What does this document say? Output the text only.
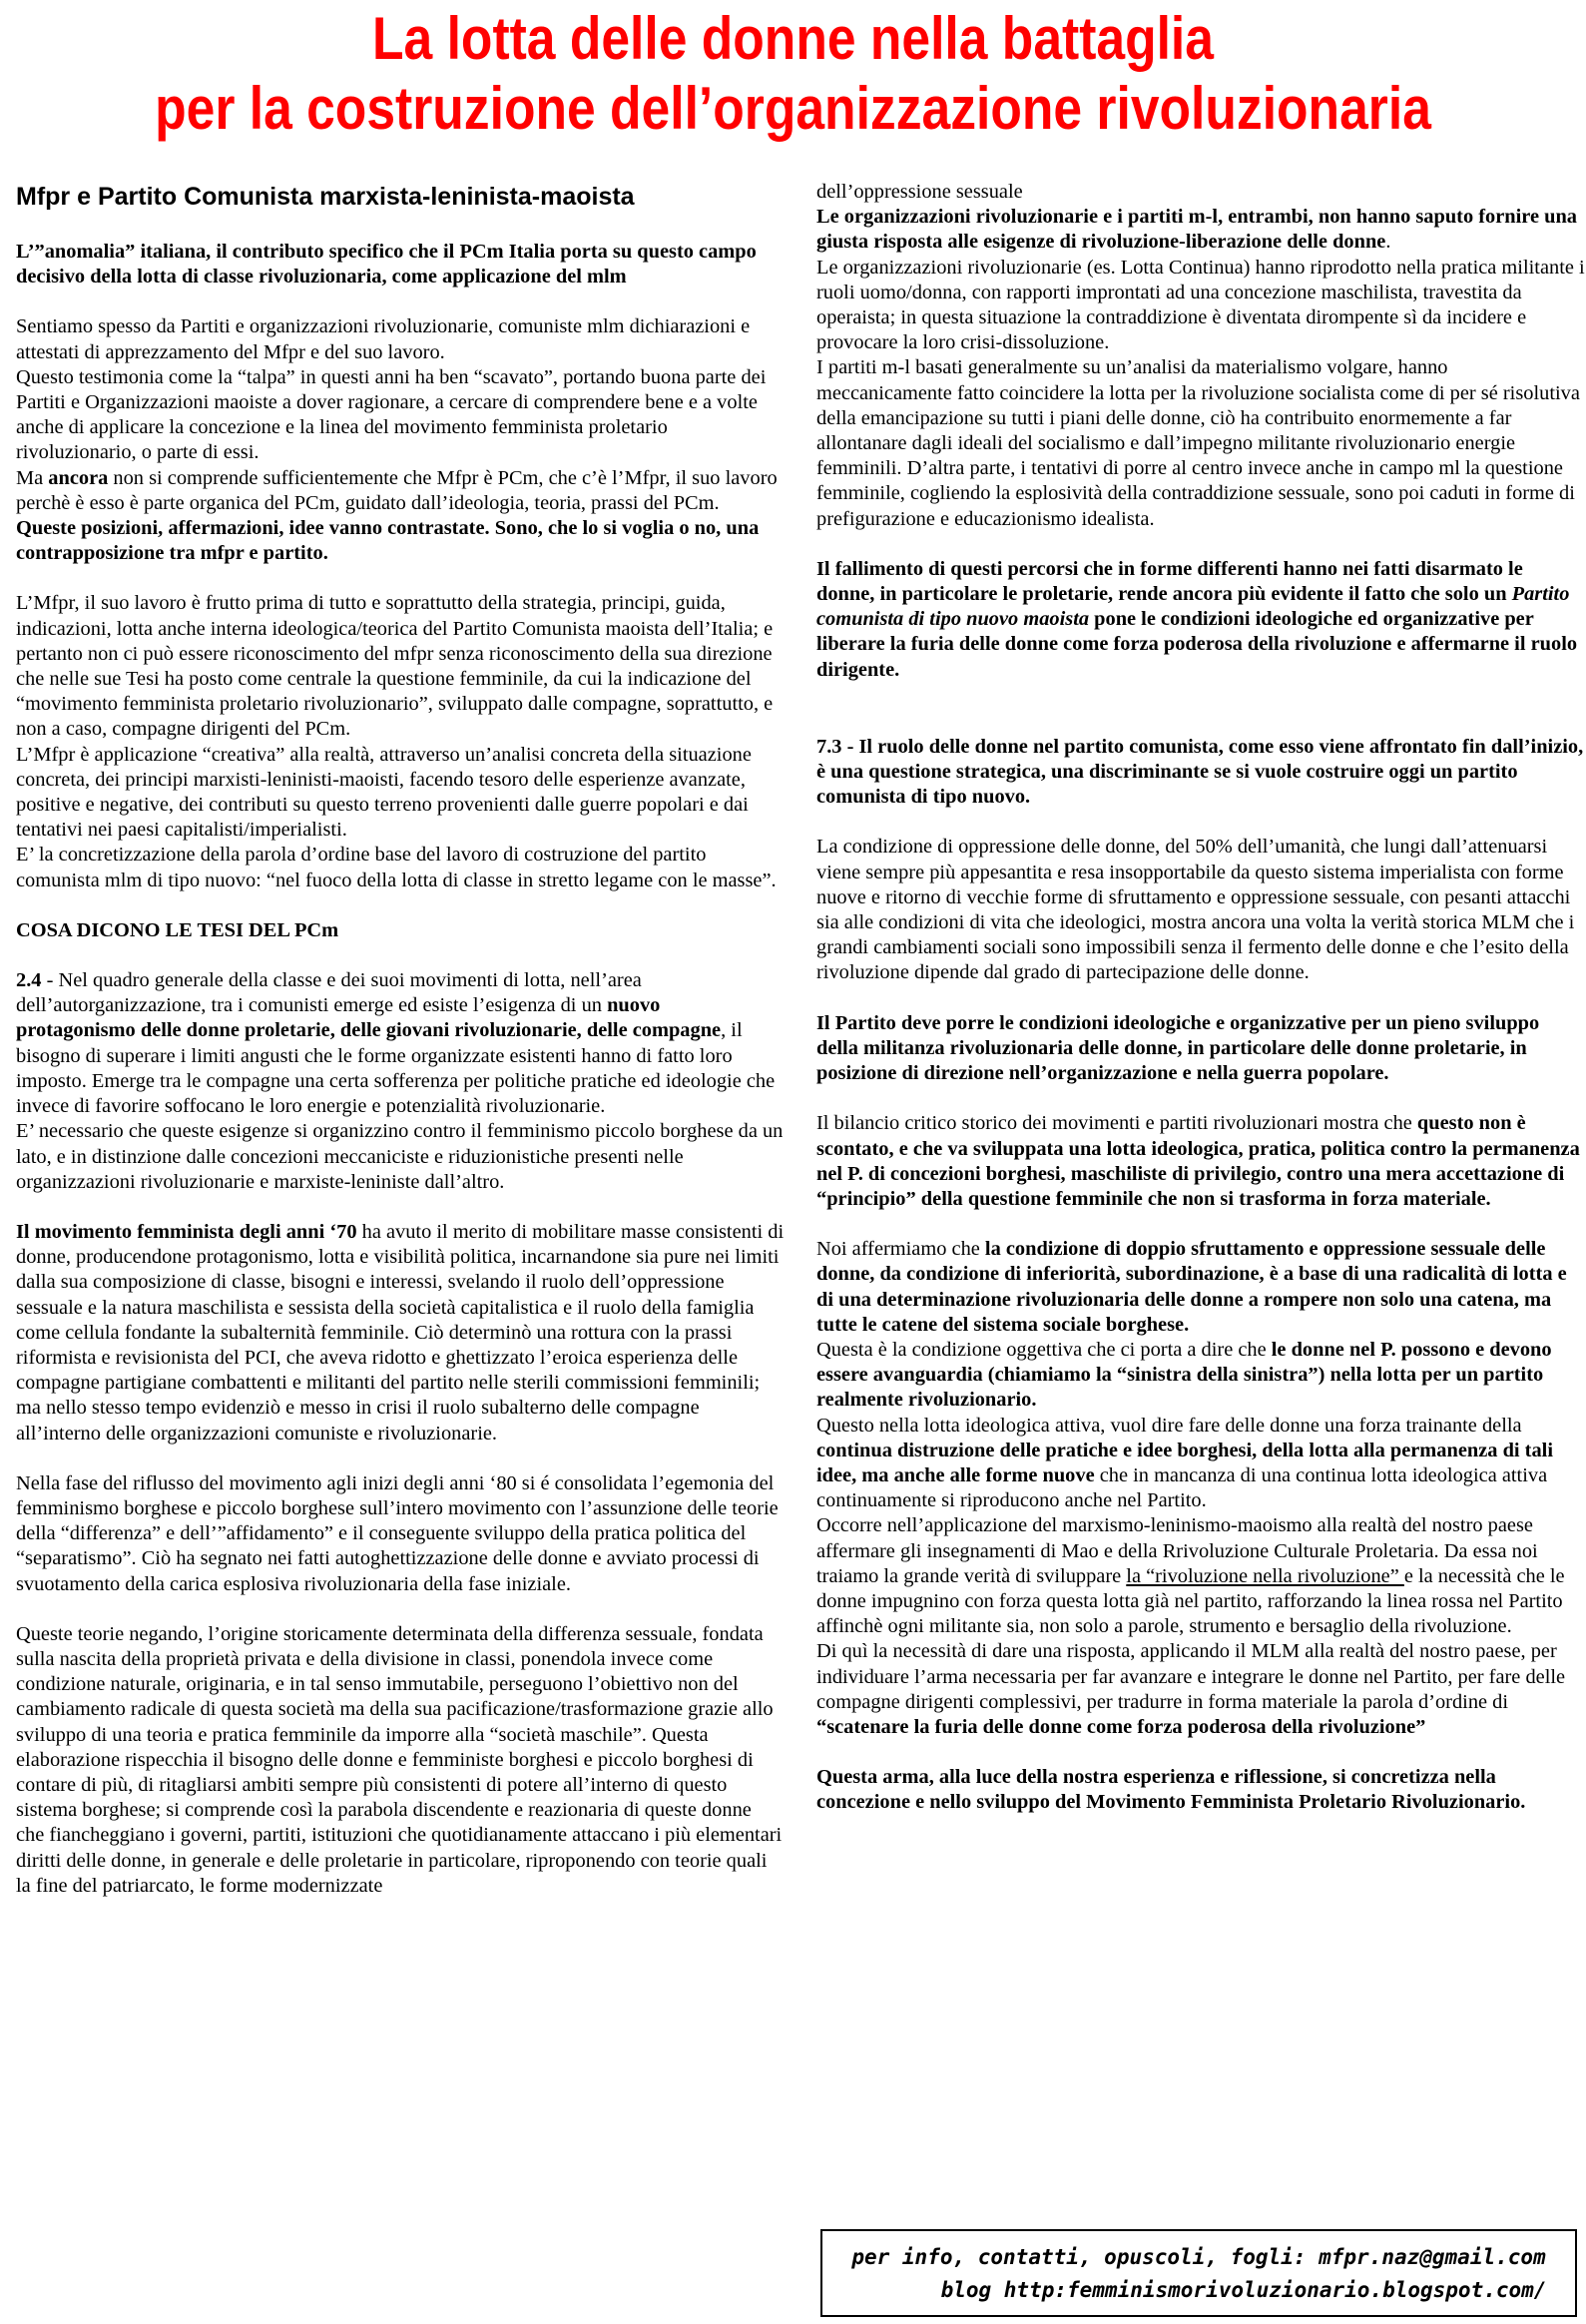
La lotta delle donne nella battaglia
per la costruzione dell’organizzazione rivoluzionaria
Mfpr e Partito Comunista marxista-leninista-maoista

L’”anomalia” italiana, il contributo specifico che il PCm Italia porta su questo campo decisivo della lotta di classe rivoluzionaria, come applicazione del mlm

Sentiamo spesso da Partiti e organizzazioni rivoluzionarie, comuniste mlm dichiarazioni e attestati di apprezzamento del Mfpr e del suo lavoro.

Questo testimonia come la “talpa” in questi anni ha ben “scavato”, portando buona parte dei Partiti e Organizzazioni maoiste a dover ragionare, a cercare di comprendere bene e a volte anche di applicare la concezione e la linea del movimento femminista proletario rivoluzionario, o parte di essi.

Ma ancora non si comprende sufficientemente che Mfpr è PCm, che c’è l’Mfpr, il suo lavoro perchè è esso è parte organica del PCm, guidato dall’ideologia, teoria, prassi del PCm.

Queste posizioni, affermazioni, idee vanno contrastate. Sono, che lo si voglia o no, una contrapposizione tra mfpr e partito.

L’Mfpr, il suo lavoro è frutto prima di tutto e soprattutto della strategia, principi, guida, indicazioni, lotta anche interna ideologica/teorica del Partito Comunista maoista dell’Italia; e pertanto non ci può essere riconoscimento del mfpr senza riconoscimento della sua direzione che nelle sue Tesi ha posto come centrale la questione femminile, da cui la indicazione del “movimento femminista proletario rivoluzionario”, sviluppato dalle compagne, soprattutto, e non a caso, compagne dirigenti del PCm.

L’Mfpr è applicazione “creativa” alla realtà, attraverso un’analisi concreta della situazione concreta, dei principi marxisti-leninisti-maoisti, facendo tesoro delle esperienze avanzate, positive e negative, dei contributi su questo terreno provenienti dalle guerre popolari e dai tentativi nei paesi capitalisti/imperialisti.

E’ la concretizzazione della parola d’ordine base del lavoro di costruzione del partito comunista mlm di tipo nuovo: “nel fuoco della lotta di classe in stretto legame con le masse”.

COSA DICONO LE TESI DEL PCm

2.4 - Nel quadro generale della classe e dei suoi movimenti di lotta, nell’area dell’autorganizzazione, tra i comunisti emerge ed esiste l’esigenza di un nuovo protagonismo delle donne proletarie, delle giovani rivoluzionarie, delle compagne, il bisogno di superare i limiti angusti che le forme organizzate esistenti hanno di fatto loro imposto. Emerge tra le compagne una certa sofferenza per politiche pratiche ed ideologie che invece di favorire soffocano le loro energie e potenzialità rivoluzionarie.

E’ necessario che queste esigenze si organizzino contro il femminismo piccolo borghese da un lato, e in distinzione dalle concezioni meccaniciste e riduzionistiche presenti nelle organizzazioni rivoluzionarie e marxiste-leniniste dall’altro.

Il movimento femminista degli anni ‘70 ha avuto il merito di mobilitare masse consistenti di donne, producendone protagonismo, lotta e visibilità politica, incarnandone sia pure nei limiti dalla sua composizione di classe, bisogni e interessi, svelando il ruolo dell’oppressione sessuale e la natura maschilista e sessista della società capitalistica e il ruolo della famiglia come cellula fondante la subalternità femminile. Ciò determinò una rottura con la prassi riformista e revisionista del PCI, che aveva ridotto e ghettizzato l’eroica esperienza delle compagne partigiane combattenti e militanti del partito nelle sterili commissioni femminili; ma nello stesso tempo evidenziò e messo in crisi il ruolo subalterno delle compagne all’interno delle organizzazioni comuniste e rivoluzionarie.

Nella fase del riflusso del movimento agli inizi degli anni ‘80 si é consolidata l’egemonia del femminismo borghese e piccolo borghese sull’intero movimento con l’assunzione delle teorie della “differenza” e dell’”affidamento” e il conseguente sviluppo della pratica politica del “separatismo”. Ciò ha segnato nei fatti autoghettizzazione delle donne e avviato processi di svuotamento della carica esplosiva rivoluzionaria della fase iniziale.

Queste teorie negando, l’origine storicamente determinata della differenza sessuale, fondata sulla nascita della proprietà privata e della divisione in classi, ponendola invece come condizione naturale, originaria, e in tal senso immutabile, perseguono l’obiettivo non del cambiamento radicale di questa società ma della sua pacificazione/trasformazione grazie allo sviluppo di una teoria e pratica femminile da imporre alla “società maschile”. Questa elaborazione rispecchia il bisogno delle donne e femministe borghesi e piccolo borghesi di contare di più, di ritagliarsi ambiti sempre più consistenti di potere all’interno di questo sistema borghese; si comprende così la parabola discendente e reazionaria di queste donne che fiancheggiano i governi, partiti, istituzioni che quotidianamente attaccano i più elementari diritti delle donne, in generale e delle proletarie in particolare, riproponendo con teorie quali la fine del patriarcato, le forme modernizzate

dell’oppressione sessuale

Le organizzazioni rivoluzionarie e i partiti m-l, entrambi, non hanno saputo fornire una giusta risposta alle esigenze di rivoluzione-liberazione delle donne.

Le organizzazioni rivoluzionarie (es. Lotta Continua) hanno riprodotto nella pratica militante i ruoli uomo/donna, con rapporti improntati ad una concezione maschilista, travestita da operaista; in questa situazione la contraddizione è diventata dirompente sì da incidere e provocare la loro crisi-dissoluzione.

I partiti m-l basati generalmente su un’analisi da materialismo volgare, hanno meccanicamente fatto coincidere la lotta per la rivoluzione socialista come di per sé risolutiva della emancipazione su tutti i piani delle donne, ciò ha contribuito enormemente a far allontanare dagli ideali del socialismo e dall’impegno militante rivoluzionario energie femminili. D’altra parte, i tentativi di porre al centro invece anche in campo ml la questione femminile, cogliendo la esplosività della contraddizione sessuale, sono poi caduti in forme di prefigurazione e educazionismo idealista.

Il fallimento di questi percorsi che in forme differenti hanno nei fatti disarmato le donne, in particolare le proletarie, rende ancora più evidente il fatto che solo un Partito comunista di tipo nuovo maoista pone le condizioni ideologiche ed organizzative per liberare la furia delle donne come forza poderosa della rivoluzione e affermarne il ruolo dirigente.

7.3 - Il ruolo delle donne nel partito comunista, come esso viene affrontato fin dall’inizio, è una questione strategica, una discriminante se si vuole costruire oggi un partito comunista di tipo nuovo.

La condizione di oppressione delle donne, del 50% dell’umanità, che lungi dall’attenuarsi viene sempre più appesantita e resa insopportabile da questo sistema imperialista con forme nuove e ritorno di vecchie forme di sfruttamento e oppressione sessuale, con pesanti attacchi sia alle condizioni di vita che ideologici, mostra ancora una volta la verità storica MLM che i grandi cambiamenti sociali sono impossibili senza il fermento delle donne e che l’esito della rivoluzione dipende dal grado di partecipazione delle donne.

Il Partito deve porre le condizioni ideologiche e organizzative per un pieno sviluppo della militanza rivoluzionaria delle donne, in particolare delle donne proletarie, in posizione di direzione nell’organizzazione e nella guerra popolare.

Il bilancio critico storico dei movimenti e partiti rivoluzionari mostra che questo non è scontato, e che va sviluppata una lotta ideologica, pratica, politica contro la permanenza nel P. di concezioni borghesi, maschiliste di privilegio, contro una mera accettazione di “principio” della questione femminile che non si trasforma in forza materiale.

Noi affermiamo che la condizione di doppio sfruttamento e oppressione sessuale delle donne, da condizione di inferiorità, subordinazione, è a base di una radicalità di lotta e di una determinazione rivoluzionaria delle donne a rompere non solo una catena, ma tutte le catene del sistema sociale borghese.

Questa è la condizione oggettiva che ci porta a dire che le donne nel P. possono e devono essere avanguardia (chiamiamo la “sinistra della sinistra”) nella lotta per un partito realmente rivoluzionario.

Questo nella lotta ideologica attiva, vuol dire fare delle donne una forza trainante della continua distruzione delle pratiche e idee borghesi, della lotta alla permanenza di tali idee, ma anche alle forme nuove che in mancanza di una continua lotta ideologica attiva continuamente si riproducono anche nel Partito.

Occorre nell’applicazione del marxismo-leninismo-maoismo alla realtà del nostro paese affermare gli insegnamenti di Mao e della Rrivoluzione Culturale Proletaria. Da essa noi traiamo la grande verità di sviluppare la “rivoluzione nella rivoluzione” e la necessità che le donne impugnino con forza questa lotta già nel partito, rafforzando la linea rossa nel Partito affinchè ogni militante sia, non solo a parole, strumento e bersaglio della rivoluzione.

Di quì la necessità di dare una risposta, applicando il MLM alla realtà del nostro paese, per individuare l’arma necessaria per far avanzare e integrare le donne nel Partito, per fare delle compagne dirigenti complessivi, per tradurre in forma materiale la parola d’ordine di “scatenare la furia delle donne come forza poderosa della rivoluzione”

Questa arma, alla luce della nostra esperienza e riflessione, si concretizza nella concezione e nello sviluppo del Movimento Femminista Proletario Rivoluzionario.

per info, contatti, opuscoli, fogli: mfpr.naz@gmail.com
blog http:femminismorivoluzionario.blogspot.com/
